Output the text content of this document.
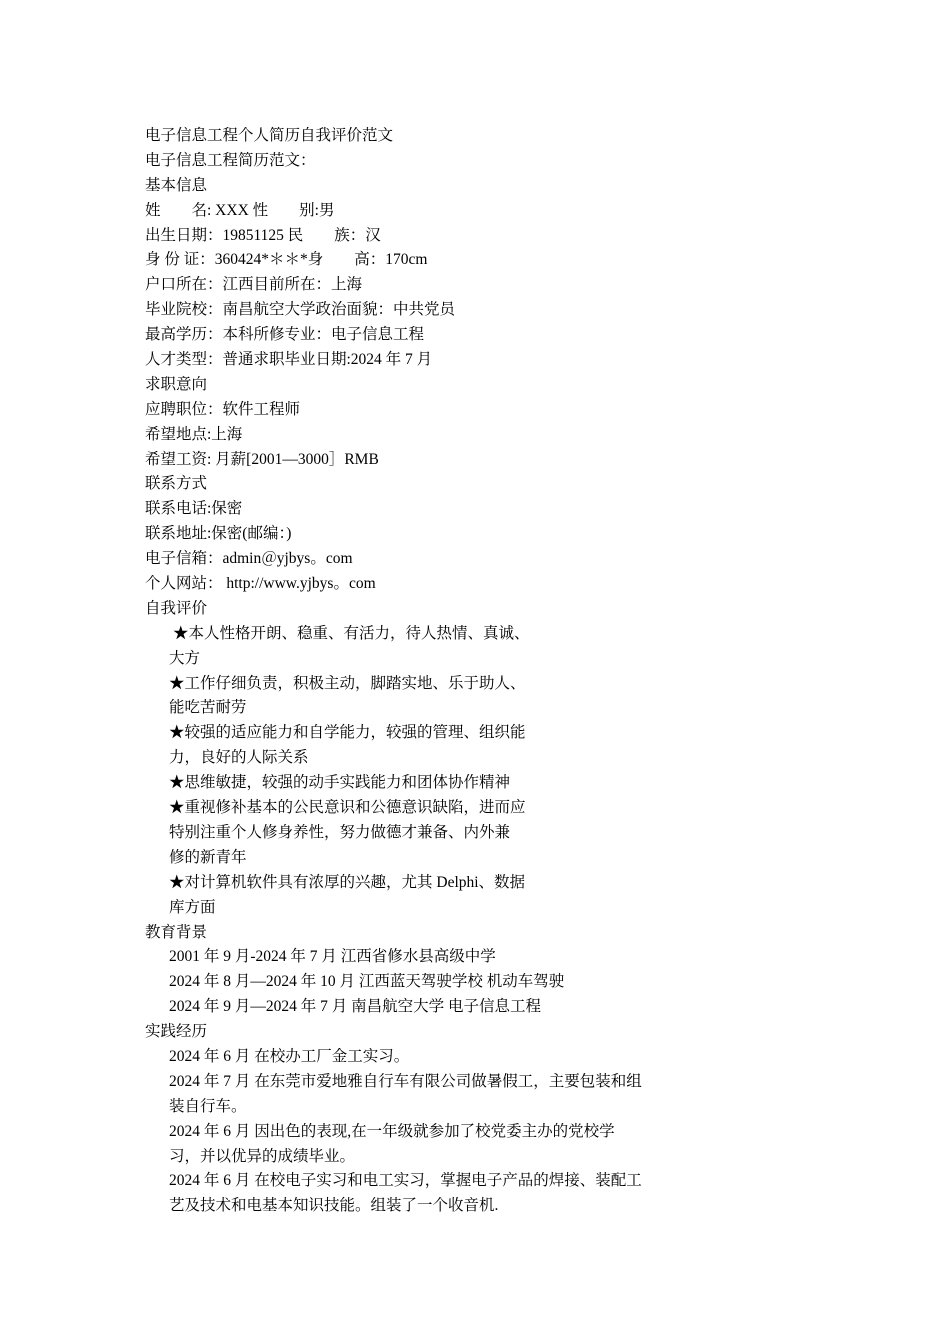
电子信息工程个人简历自我评价范文
电子信息工程简历范文：
基本信息
姓　　名: XXX 性　　别:男
出生日期：19851125 民　　族：汉
身 份 证：360424*＊＊*身　　高：170cm
户口所在：江西目前所在：上海
毕业院校：南昌航空大学政治面貌：中共党员
最高学历：本科所修专业：电子信息工程
人才类型：普通求职毕业日期:2024 年 7 月
求职意向
应聘职位：软件工程师
希望地点:上海
希望工资: 月薪[2001—3000］RMB
联系方式
联系电话:保密
联系地址:保密(邮编：)
电子信箱：admin＠yjbys。com
个人网站： http://www.yjbys。com
自我评价
★本人性格开朗、稳重、有活力，待人热情、真诚、
大方
★工作仔细负责，积极主动，脚踏实地、乐于助人、
能吃苦耐劳
★较强的适应能力和自学能力，较强的管理、组织能
力，良好的人际关系
★思维敏捷，较强的动手实践能力和团体协作精神
★重视修补基本的公民意识和公德意识缺陷，进而应
特别注重个人修身养性，努力做德才兼备、内外兼
修的新青年
★对计算机软件具有浓厚的兴趣，尤其 Delphi、数据
库方面
教育背景
2001 年 9 月-2024 年 7 月 江西省修水县高级中学
2024 年 8 月—2024 年 10 月 江西蓝天驾驶学校 机动车驾驶
2024 年 9 月—2024 年 7 月 南昌航空大学 电子信息工程
实践经历
2024 年 6 月 在校办工厂金工实习。
2024 年 7 月 在东莞市爱地雅自行车有限公司做暑假工，主要包装和组
装自行车。
2024 年 6 月 因出色的表现,在一年级就参加了校党委主办的党校学
习，并以优异的成绩毕业。
2024 年 6 月 在校电子实习和电工实习，掌握电子产品的焊接、装配工
艺及技术和电基本知识技能。组装了一个收音机.
